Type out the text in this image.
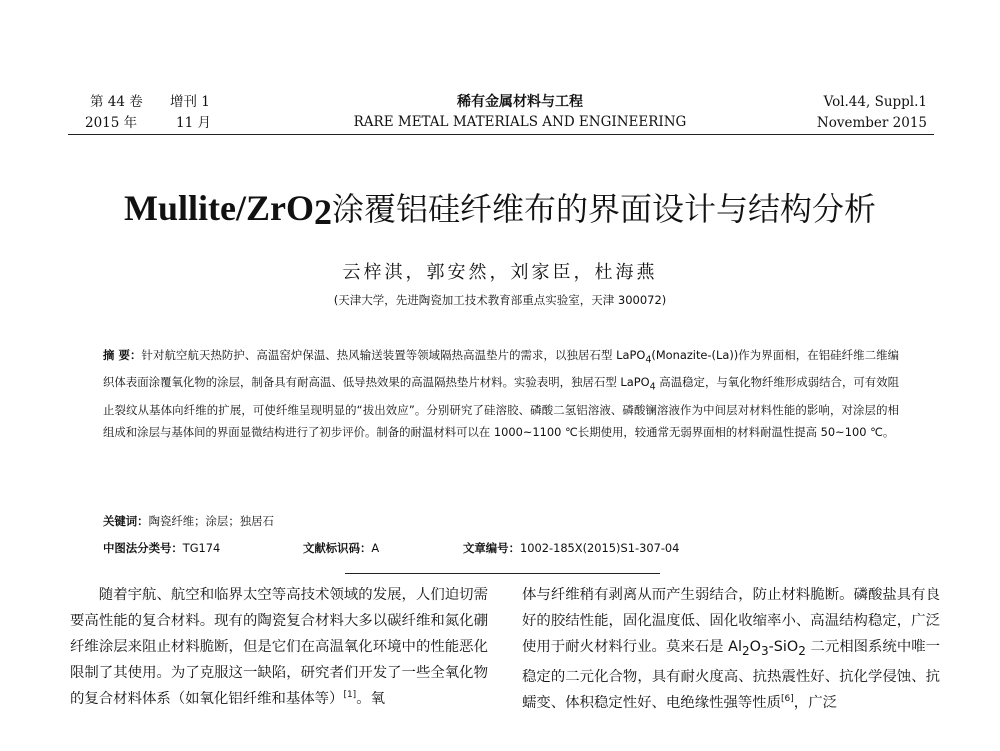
第 44 卷 增刊 1
2015 年	11 月
稀有金属材料与工程
RARE METAL MATERIALS AND ENGINEERING
Vol.44, Suppl.1
November 2015
Mullite/ZrO$_2$涂覆铝硅纤维布的界面设计与结构分析
云梓淇，郭安然，刘家臣，杜海燕
(天津大学，先进陶瓷加工技术教育部重点实验室，天津 300072)
摘 要：针对航空航天热防护、高温窑炉保温、热风输送装置等领域隔热高温垫片的需求，以独居石型 LaPO$_4$(Monazite-(La))作为界面相，在铝硅纤维二维编织体表面涂覆氧化物的涂层，制备具有耐高温、低导热效果的高温隔热垫片材料。实验表明，独居石型 LaPO$_4$ 高温稳定，与氧化物纤维形成弱结合，可有效阻止裂纹从基体向纤维的扩展，可使纤维呈现明显的“拔出效应”。分别研究了硅溶胶、磷酸二氢铝溶液、磷酸镧溶液作为中间层对材料性能的影响，对涂层的相组成和涂层与基体间的界面显微结构进行了初步评价。制备的耐温材料可以在 1000~1100 ℃长期使用，较通常无弱界面相的材料耐温性提高 50~100 ℃。
关键词：陶瓷纤维；涂层；独居石
中图法分类号：TG174	文献标识码：A	文章编号：1002-185X(2015)S1-307-04
随着宇航、航空和临界太空等高技术领域的发展，人们迫切需要高性能的复合材料。现有的陶瓷复合材料大多以碳纤维和氮化硼纤维涂层来阻止材料脆断，但是它们在高温氧化环境中的性能恶化限制了其使用。为了克服这一缺陷，研究者们开发了一些全氧化物的复合材料体系（如氧化铝纤维和基体等）[1]。氧
体与纤维稍有剥离从而产生弱结合，防止材料脆断。磷酸盐具有良好的胶结性能，固化温度低、固化收缩率小、高温结构稳定，广泛使用于耐火材料行业。莫来石是 $Al_2O_3-SiO_2$ 二元相图系统中唯一稳定的二元化合物，具有耐火度高、抗热震性好、抗化学侵蚀、抗蠕变、体积稳定性好、电绝缘性强等性质[6]，广泛
